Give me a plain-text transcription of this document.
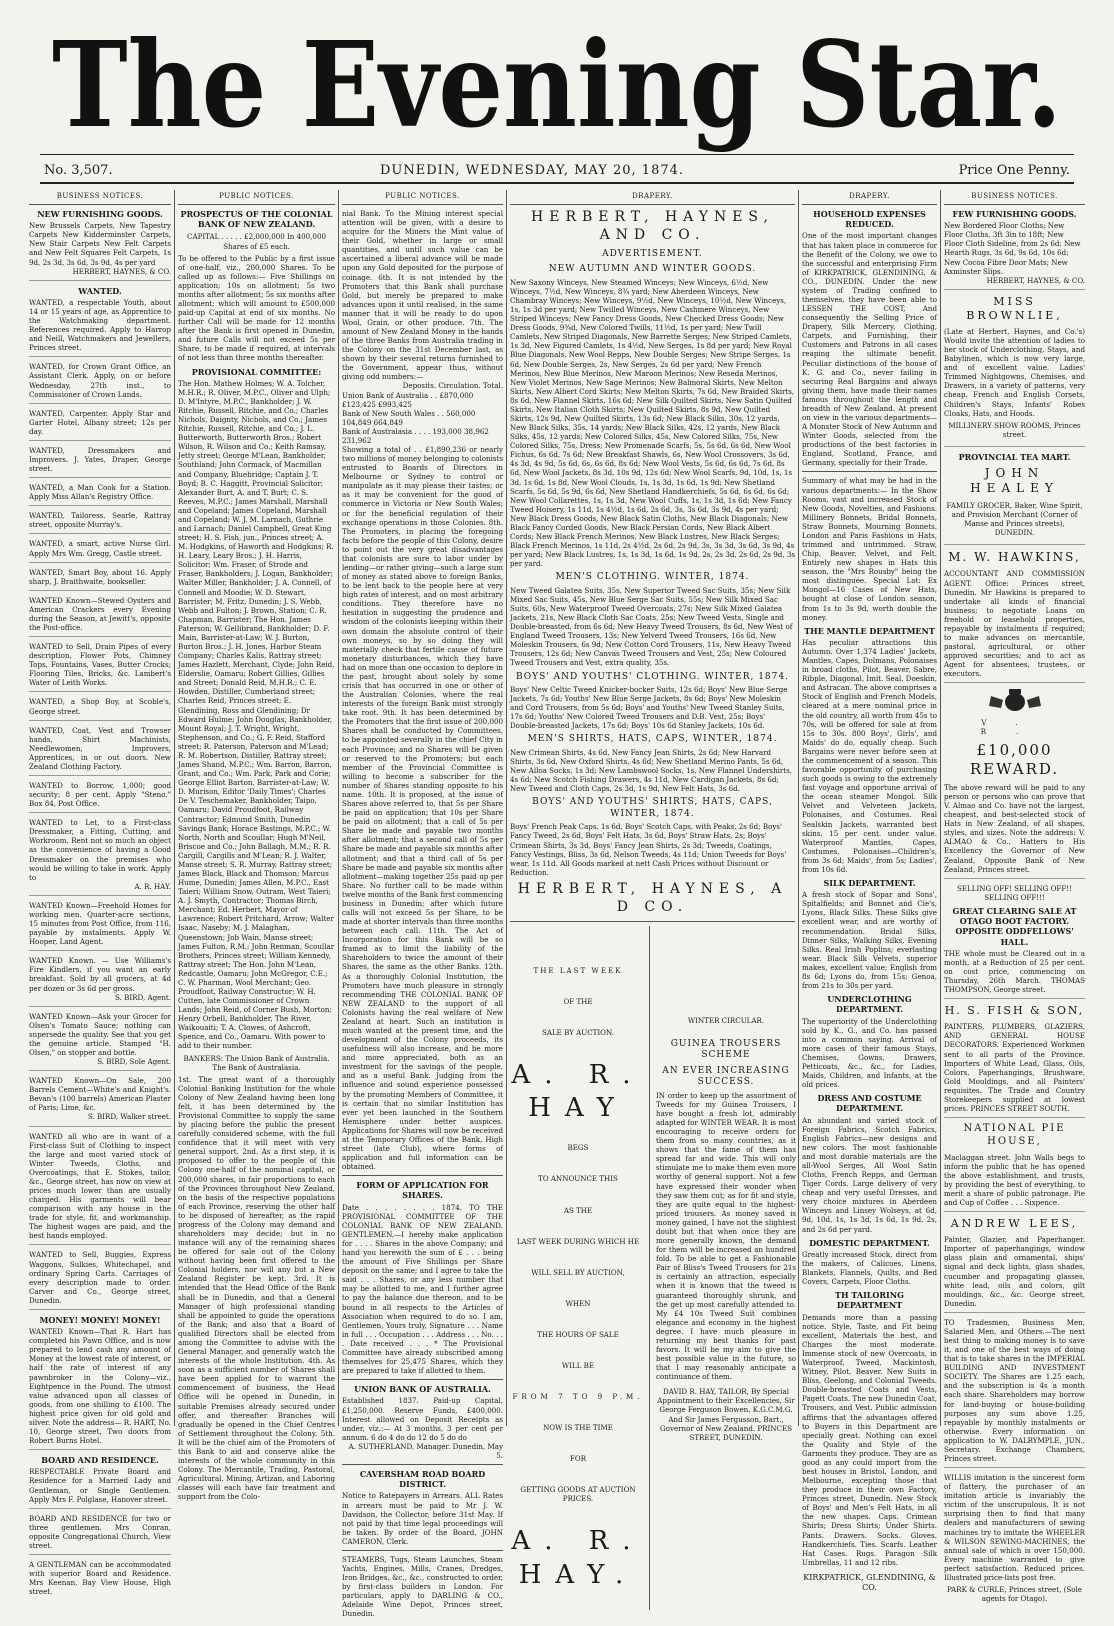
The Evening Star.
No. 3,507.	DUNEDIN, WEDNESDAY, MAY 20, 1874.	Price One Penny.
BUSINESS NOTICES.
NEW FURNISHING GOODS.

New Brussels Carpets, New Tapestry Carpets New Kidderminster Carpets, New Stair Carpets New Felt Carpets and New Felt Squares Felt Carpets, 1s 9d, 2s 3d, 3s 6d, 3s 9d, 4s per yard

HERBERT, HAYNES, & CO.

WANTED.

WANTED, a respectable Youth, about 14 or 15 years of age, as Apprentice to the Watchmaking department. References required. Apply to Harrop and Neill, Watchmakers and Jewellers, Princes street.

WANTED, for Crown Grant Office, an Assistant Clerk. Apply, on or before Wednesday, 27th inst., to Commissioner of Crown Lands.

WANTED, Carpenter. Apply Star and Garter Hotel, Albany street; 12s per day.

WANTED, Dressmakers and Improvers. J. Yates, Draper, George street.

WANTED, a Man Cook for a Station. Apply Miss Allan's Registry Office.

WANTED, Tailoress. Searle, Rattray street, opposite Murray's.

WANTED, a smart, active Nurse Girl. Apply Mrs Wm. Gregg, Castle street.

WANTED, Smart Boy, about 16. Apply sharp, J. Braithwaite, bookseller.

WANTED Known—Stewed Oysters and American Crackers every Evening during the Season, at Jewitt's, opposite the Post-office.

WANTED to Sell, Drain Pipes of every description, Flower Pots, Chimney Tops, Fountains, Vases, Butter Crocks; Flooring Tiles, Bricks, &c. Lambert's Water of Leith Works.

WANTED, a Shop Boy, at Scoble's, George street.

WANTED, Coat, Vest and Trowser hands, Shirt Machinists, Needlewomen, Improvers, Apprentices, in or out doors. New Zealand Clothing Factory.

WANTED to Borrow, 1,000; good security; 8 per cent. Apply "Steno," Box 84, Post Office.

WANTED to Let, to a First-class Dressmaker, a Fitting, Cutting, and Workroom. Rent not so much an object as the convenience of having a Good Dressmaker on the premises who would be willing to take in work. Apply to

A. R. HAY.

WANTED Known—Freehold Homes for working men. Quarter-acre sections, 15 minutes from Post Office, from 116, payable by instalments. Apply W. Hooper, Land Agent.

WANTED Known. — Use Williams's Fire Kindlers, if you want an early breakfast. Sold by all grocers, at 4d per dozen or 3s 6d per gross.

S. BIRD, Agent.

WANTED Known—Ask your Grocer for Olsen's Tomato Sauce; nothing can supersede the quality. See that you get the genuine article. Stamped "H. Olsen," on stopper and bottle.

S. BIRD, Sole Agent.

WANTED Known—On Sale, 200 Barrels Cement—White's and Knight's. Bevan's (100 barrels) American Plaster of Paris; Lime, &c.

S. BIRD, Walker street.

WANTED all who are in want of a First-class Suit of Clothing to inspect the large and most varied stock of Winter Tweeds, Cloths, and Overcoatings, that E. Stokes, tailor, &c., George street, has now on view at prices much lower than are usually charged. His garments will bear comparison with any house in the trade for style, fit, and workmanship. The highest wages are paid, and the best hands employed.

WANTED to Sell, Buggies, Express Waggons, Sulkies, Whitechapel, and ordinary Spring Carts. Carriages of every description made to order. Carver and Co., George street, Dunedin.

MONEY! MONEY! MONEY!

WANTED Known—That R. Hart has completed his Pawn Office, and is now prepared to lend cash any amount of Money at the lowest rate of interest, or half the rate of interest of any pawnbroker in the Colony—viz., Eightpence in the Pound. The utmost value advanced upon all classes of goods, from one shilling to £100. The highest price given for old gold and silver. Note the address— R. HART, No. 10, George street, Two doors from Robert Burns Hotel.

BOARD AND RESIDENCE.

RESPECTABLE Private Board and Residence for a Married Lady and Gentleman, or Single Gentlemen. Apply Mrs F. Polglase, Hanover street.

BOARD AND RESIDENCE for two or three gentlemen. Mrs Conran, opposite Congregational Church, View street.

A GENTLEMAN can be accommodated with superior Board and Residence. Mrs Keenan, Bay View House, High street.

PUBLIC NOTICES.
PROSPECTUS OF THE COLONIAL BANK OF NEW ZEALAND.

CAPITAL . . . . . £2,000,000 In 400,000 Shares of £5 each.

To be offered to the Public by a first issue of one-half, viz., 200,000 Shares. To be called up as follows:— Five Shillings on application; 10s on allotment; 5s two months after allotment; 5s six months after allotment; which will amount to £500,000 paid-up Capital at end of six months. No further Call will be made for 12 months after the Bank is first opened in Dunedin, and future Calls will not exceed 5s per Share, to be made if required, at intervals of not less than three months thereafter.

PROVISIONAL COMMITTEE:

The Hon. Mathew Holmes; W. A. Tolcher, M.H.R.; R. Oliver, M.P.C., Oliver and Ulph; D. M'Intyre, M.P.C., Bankholder; J. W. Ritchie, Russell, Ritchie, and Co.; Charles Nichols, Daignty, Nichols, and Co.; James Ritchie, Russell, Ritchie, and Co.; J. L. Butterworth, Butterworth Bros.; Robert Wilson, R. Wilson and Co.; Keith Ramsay, Jetty street; George M'Lean, Bankholder, Southland; John Cormack, of Macmillan and Company, Bluebridge; Captain J. T. Boyd; B. C. Haggitt, Provincial Solicitor; Alexander Burt, A. and T. Burt; C. S. Reeves, M.P.C.; James Marshall, Marshall and Copeland; James Copeland, Marshall and Copeland; W. J. M. Larnach, Guthrie and Larnach; Daniel Campbell, Great King street; H. S. Fish, jun., Princes street; A. M. Hodgkins, of Haworth and Hodgkins; R. H. Leary, Leary Bros.; J. H. Harris, Solicitor; Wm. Fraser, of Strode and Fraser, Bankholders; J. Logan, Bankholder; Walter Miller, Bankholder; J. A. Connell, of Connell and Moodie; W. D. Stewart, Barrister; M. Fritz, Dunedin; J. S. Webb, Webb and Fulton; J. Brown, Station; C. R. Chapman, Barrister; The Hon. James Paterson; W. Gellibrand, Bankholder; D. F. Main, Barrister-at-Law; W. J. Burton, Burton Bros.; J. H. Jones, Harbor Steam Company; Charles Kalis, Rattray street; James Hazlett, Merchant, Clyde; John Reid, Elderslie, Oamaru; Robert Gillies, Gillies and Street; Donald Reid, M.H.R.; C. E. Howden, Distiller, Cumberland street; Charles Reid, Princes street; E. Glendining, Ross and Glendining; Dr Edward Hulme; John Douglas, Bankholder, Mount Royal; J. T. Wright, Wright, Stephenson, and Co.; G. F. Reid, Stafford street; R. Paterson, Paterson and M'Lead; R. M. Robertson, Distiller, Rattray street; James Shand, M.P.C.; Wm. Barron, Barron, Grant, and Co.; Wm. Park, Park and Corie; George Elliot Barton, Barrister-at-Law; W. D. Murison, Editor 'Daily Times'; Charles De V. Teschemaker, Bankholder, Taipo, Oamaru; David Proudfoot, Railway Contractor; Edmund Smith, Dunedin Savings Bank; Horace Bastings, M.P.C.; W. North, North and Scoullar; Hugh M'Neil, Briscoe and Co.; John Ballagh, M.M.; R. R. Cargill, Cargills and M'Lean; R. J. Walter, Manse street; S. R. Murray, Rattray street; James Black, Black and Thomson; Marcus Hume, Dunedin; James Allen, M.P.C., East Taieri; William Snow, Outram, West Taieri; A. J. Smyth, Contractor; Thomas Birch, Merchant; Ed. Herbert, Mayor of Lawrence; Robert Pritchard, Arrow; Walter Isaac, Naseby; M. J. Malaghan, Queenstown; Job Wain, Manse street; James Fulton, R.M.; John Renman, Scoullar Brothers, Princes street; William Kennedy, Rattray street; The Hon. John M'Lean, Redcastle, Oamaru; John McGregor, C.E.; C. W. Pharman, Wool Merchant; Geo. Proudfoot, Railway Constructor; W. H. Cutten, late Commissioner of Crown Lands; John Reid, of Corner Bush, Morton; Henry Orbell, Bankholder, The River, Waikouaiti; T. A. Clowes, of Ashcroft, Spence, and Co., Oamaru. With power to add to their number.

BANKERS: The Union Bank of Australia. The Bank of Australasia.

1st. The great want of a thoroughly Colonial Banking Institution for the whole Colony of New Zealand having been long felt, it has been determined by the Provisional Committee to supply the same by placing before the public the present carefully considered scheme, with the full confidence that it will meet with very general support. 2nd. As a first step, it is proposed to offer to the people of this Colony one-half of the nominal capital, or 200,000 shares, in fair proportions to each of the Provinces throughout New Zealand, on the basis of the respective populations of each Province, reserving the other half to be disposed of hereafter, as the rapid progress of the Colony may demand and shareholders may decide; but in no instance will any of the remaining shares be offered for sale out of the Colony without having been first offered to the Colonial holders, nor will any but a New Zealand Register be kept. 3rd. It is intended that the Head Office of the Bank shall be in Dunedin, and that a General Manager of high professional standing shall be appointed to guide the operations of the Bank; and also that a Board of qualified Directors shall be elected from among the Committee to advise with the General Manager, and generally watch the interests of the whole Institution. 4th. As soon as a sufficient number of Shares shall have been applied for to warrant the commencement of business, the Head Office will be opened in Dunedin, in suitable Premises already secured under offer, and thereafter Branches will gradually be opened in the Chief Centres of Settlement throughout the Colony. 5th. It will be the chief aim of the Promoters of this Bank to aid and conserve alike the interests of the whole community in this Colony. The Mercantile, Trading, Pastoral, Agricultural, Mining, Artizan, and Laboring classes will each have fair treatment and support from the Colo-

PUBLIC NOTICES.

nial Bank. To the Mining interest special attention will be given, with a desire to acquire for the Miners the Mint value of their Gold, whether in large or small quantities, and until such value can be ascertained a liberal advance will be made upon any Gold deposited for the purpose of coinage. 6th. It is not intended by the Promoters that this Bank shall purchase Gold, but merely be prepared to make advances upon it until realised, in the same manner that it will be ready to do upon Wool, Grain, or other produce. 7th. The amount of New Zealand Money in the hands of the three Banks from Australia trading in the Colony on the 31st December last, as shown by their several returns furnished to the Government, appear thus, without giving odd numbers:—

Deposits. Circulation. Total.

Union Bank of Australia . . £870,000 £123,425 £993,425

Bank of New South Wales . . 560,000 104,849 664,849

Bank of Australasia . . . . 193,000 38,962 231,962

Showing a total of . . £1,890,236 or nearly two millions of money belonging to colonists entrusted to Boards of Directors in Melbourne or Sydney to control or manipulate as it may please their tastes; or as it may be convenient for the good of commerce in Victoria or New South Wales; or for the beneficial regulation of their exchange operations in those Colonies. 8th. The Promoters, in placing the foregoing facts before the people of this Colony, desire to point out the very great disadvantages that colonists are sure to labor under by lending—or rather giving—such a large sum of money as stated above to foreign Banks, to be lent back to the people here at very high rates of interest, and on most arbitrary conditions. They therefore have no hesitation in suggesting the prudence and wisdom of the colonists keeping within their own domain the absolute control of their own moneys, so by so doing they will materially check that fertile cause of future monetary disturbances, which they have had on more than one occasion to deplore in the past, brought about solely by some crisis that has occurred in one or other of the Australian Colonies, where the real interests of the foreign Bank must strongly take root. 9th. It has been determined by the Promoters that the first issue of 200,000 Shares shall be conducted by Committees, to be appointed severally in the chief City in each Province; and no Shares will be given or reserved to the Promoters; but each member of the Provincial Committee is willing to become a subscriber for the number of Shares standing opposite to his name. 10th. It is proposed, at the issue of Shares above referred to, that 5s per Share be paid on application; that 10s per Share be paid on allotment; that a call of 5s per Share be made and payable two months after allotment; that a second call of 5s per Share be made and payable six months after allotment; and that a third call of 5s per Share be made and payable six months after allotment—making together 25s paid up per Share. No further call to be made within twelve months of the Bank first commencing business in Dunedin; after which future calls will not exceed 5s per Share, to be made at shorter intervals than three months between each call. 11th. The Act of Incorporation for this Bank will be so framed as to limit the liability of the Shareholders to twice the amount of their Shares, the same as the other Banks. 12th. As a thoroughly Colonial Institution, the Promoters have much pleasure in strongly recommending THE COLONIAL BANK OF NEW ZEALAND to the support of all Colonists having the real welfare of New Zealand at heart. Such an institution is much wanted at the present time, and the development of the Colony proceeds, its usefulness will also increase, and be more and more appreciated, both as an investment for the savings of the people, and as a useful Bank. Judging from the influence and sound experience possessed by the promoting Members of Committee, it is certain that no similar Institution has ever yet been launched in the Southern Hemisphere under better auspices. Applications for Shares will now be received at the Temporary Offices of the Bank, High street (late Club), where forms of application and full information can be obtained.

FORM OF APPLICATION FOR SHARES.

Date . . . . . . . . 1874. TO THE PROVISIONAL COMMITTEE OF THE COLONIAL BANK OF NEW ZEALAND. GENTLEMEN,—I hereby make application for . . . . Shares in the above Company; and hand you herewith the sum of £ . . . being the amount of Five Shillings per Share deposit on the same; and I agree to take the said . . . Shares, or any less number that may be allotted to me, and I further agree to pay the balance due thereon, and to be bound in all respects to the Articles of Association when required to do so. I am, Gentlemen, Yours truly, Signature . . . Name in full . . . Occupation . . . Address . . . No. . . . Date received . . . * The Provisional Committee have already subscribed among themselves for 25,475 Shares, which they are prepared to take if allotted to them.

UNION BANK OF AUSTRALIA.

Established 1837. Paid-up Capital, £1,250,000. Reserve Funds, £400,000. Interest allowed on Deposit Receipts as under, viz.:— At 3 months, 3 per cent per annum. 6 do 4 do do 12 do 5 do do

A. SUTHERLAND, Manager. Dunedin, May 5.

CAVERSHAM ROAD BOARD DISTRICT.

Notice to Ratepayers in Arrears. ALL Rates in arrears must be paid to Mr J. W. Davidson, the Collector, before 31st May. If not paid by that time legal proceedings will be taken. By order of the Board, JOHN CAMERON, Clerk.

STEAMERS, Tugs, Steam Launches, Steam Yachts, Engines, Mills, Cranes, Dredges, Iron Bridges, &c., &c., constructed to order, by first-class builders in London. For particulars, apply to DARLING & CO., Adelaide Wine Depot, Princes street, Dunedin.

DRAPERY.
HERBERT, HAYNES, AND CO.
ADVERTISEMENT.
NEW AUTUMN AND WINTER GOODS.

New Saxony Winceys, New Steamed Winceys; New Winceys, 6½d, New Winceys, 7½d, New Winceys, 8¾ yard; New Aberdeen Winceys, New Chambray Winceys; New Winceys, 9½d, New Winceys, 10½d, New Winceys, 1s, 1s 3d per yard; New Twilled Winceys, New Cashmere Winceys, New Striped Winceys; New Fancy Dress Goods, New Checked Dress Goods; New Dress Goods, 9¾d, New Colored Twills, 11½d, 1s per yard; New Twill Camlets, New Striped Diagonals, New Barrette Serges; New Striped Camlets, 1s 3d, New Figured Camlets, 1s 4½d, New Serges, 1s 8d per yard; New Royal Blue Diagonals, New Wool Repps, New Double Serges; New Stripe Serges, 1s 6d, New Double Serges, 2s, New Serges, 2s 6d per yard; New French Merinos, New Blue Merinos, New Maroon Merinos; New Reseda Merinos, New Violet Merinos, New Sage Merinos; New Balmoral Skirts, New Melton Skirts, New Albert Cord Skirts; New Melton Skirts, 7s 6d, New Braided Skirts, 8s 6d, New Flannel Skirts, 16s 6d; New Silk Quilted Skirts, New Satin Quilted Skirts, New Italian Cloth Skirts; New Quilted Skirts, 8s 9d, New Quilted Skirts, 12s 9d, New Quilted Skirts, 13s 6d; New Black Silks, 30s, 12 yards, New Black Silks, 35s, 14 yards; New Black Silks, 42s, 12 yards, New Black Silks, 45s, 12 yards; New Colored Silks, 45s, New Colored Silks, 75s, New Colored Silks, 75s, Dress; New Promenade Scarfs, 5s, 5s 6d, 6s 6d, New Wool Fichus, 6s 6d, 7s 6d; New Breakfast Shawls, 6s, New Wool Crossovers, 3s 6d, 4s 3d, 4s 9d, 5s 6d, 6s, 6s 6d, 8s 6d; New Wool Vests, 5s 6d, 6s 6d, 7s 6d, 8s 6d, New Wool Jackets, 8s 3d, 10s 9d, 12s 6d; New Wool Scarfs, 9d, 10d, 1s, 1s 3d, 1s 6d, 1s 8d, New Wool Clouds, 1s, 1s 3d, 1s 6d, 1s 9d; New Shetland Scarfs, 5s 6d, 5s 9d, 6s 6d, New Shetland Handkerchiefs, 5s 6d, 6s 6d, 6s 6d; New Wool Collarettes, 1s, 1s 3d, New Wool Cuffs, 1s, 1s 3d, 1s 6d; New Fancy Tweed Hoisery, 1s 11d, 1s 4½d, 1s 6d, 2s 6d, 3s, 3s 6d, 3s 9d, 4s per yard; New Black Dress Goods, New Black Satin Cloths, New Black Diagonals; New Black Fancy Corded Goods, New Black Persian Cords, New Black Albert Cords; New Black French Merinos, New Black Lustres, New Black Serges; Black French Merinos, 1s 11d, 2s 4½d, 2s 6d, 2s 9d, 3s, 3s 3d, 3s 6d, 3s 9d, 4s per yard; New Black Lustres, 1s, 1s 3d, 1s 6d, 1s 9d, 2s, 2s 3d, 2s 6d, 2s 9d, 3s per yard.

MEN'S CLOTHING. WINTER, 1874.

New Tweed Galatea Suits, 35s, New Superior Tweed Sac Suits, 35s; New Silk Mixed Sac Suits, 45s, New Blue Serge Sac Suits, 55s; New Silk Mixed Sac Suits, 60s, New Waterproof Tweed Overcoats, 27s; New Silk Mixed Galatea Jackets, 21s, New Black Cloth Sac Coats, 25s; New Tweed Vests, Single and Double-breasted, from 6s 6d; New Heavy Tweed Trousers, 8s 6d, New West of England Tweed Trousers, 13s; New Yelverd Tweed Trousers, 16s 6d, New Moleskin Trousers, 6s 9d; New Cotton Cord Trousers, 11s, New Heavy Tweed Trousers, 12s 6d; New Canvas Tweed Trousers and Vest, 25s; New Coloured Tweed Trousers and Vest, extra quality, 35s.

BOYS' AND YOUTHS' CLOTHING. WINTER, 1874.

Boys' New Celtic Tweed Knicker-bocker Suits, 12s 6d; Boys' New Blue Serge Jackets, 7s 6d; Youths' New Blue Serge Jackets, 8s 6d; Boys' New Moleskin and Cord Trousers, from 5s 6d; Boys' and Youths' New Tweed Stanley Suits, 17s 6d; Youths' New Colored Tweed Trousers and D.B. Vest, 25s; Boys' Double-breasted Jackets, 17s 6d; Boys' 10s 6d Stanley Jackets, 10s 6d.

MEN'S SHIRTS, HATS, CAPS, WINTER, 1874.

New Crimean Shirts, 4s 6d, New Fancy Jean Shirts, 2s 6d; New Harvard Shirts, 3s 6d, New Oxford Shirts, 4s 6d; New Shetland Merino Pants, 5s 6d, New Alloa Socks, 1s 3d; New Lambswool Socks, 1s, New Flannel Undershirts, 4s 6d; New Scotch Fishing Drawers, 4s 11d, New Cardigan Jackets, 8s 6d; New Tweed and Cloth Caps, 2s 3d, 1s 9d, New Felt Hats, 3s 6d.

BOYS' AND YOUTHS' SHIRTS, HATS, CAPS, WINTER, 1874.

Boys' French Peak Caps, 1s 6d, Boys' Scotch Caps, with Peaks, 2s 6d; Boys' Fancy Tweed, 2s 6d, Boys' Felt Hats, 3s 6d, Boys' Straw Hats, 2s; Boys' Crimean Shirts, 3s 3d, Boys' Fancy Jean Shirts, 2s 3d; Tweeds, Coatings, Fancy Vestings, Bliss, 3s 6d, Nelson Tweeds, 4s 11d; Union Tweeds for Boys' wear, 1s 11d. All Goods marked at nett Cash Prices without Discount or Reduction.

HERBERT, HAYNES, A D CO.

THE LAST WEEK

OF THE

SALE BY AUCTION.

A. R. HAY

BEGS

TO ANNOUNCE THIS

AS THE

LAST WEEK DURING WHICH HE

WILL SELL BY AUCTION,

WHEN

THE HOURS OF SALE

WILL BE

FROM 7 TO 9 P.M.

NOW IS THE TIME

FOR

GETTING GOODS AT AUCTION PRICES.

A. R. HAY.

WINTER CIRCULAR.

GUINEA TROUSERS SCHEME
AN EVER INCREASING SUCCESS.

IN order to keep up the assortment of Tweeds for my Guinea Trousers, I have bought a fresh lot, admirably adapted for WINTER WEAR. It is most encouraging to receive orders for them from so many countries, as it shows that the fame of them has spread far and wide. This will only stimulate me to make them even more worthy of general support. Not a few have expressed their wonder when they saw them cut; as for fit and style, they are quite equal to the highest-priced trousers. As money saved is money gained, I have not the slightest doubt but that when once they are more generally known, the demand for them will be increased an hundred fold. To be able to get a Fashionable Pair of Bliss's Tweed Trousers for 21s is certainly an attraction, especially when it is known that the tweed is guaranteed thoroughly shrunk, and the get up most carefully attended to. My £4 10s Tweed Suit combines elegance and economy in the highest degree. I have much pleasure in returning my best thanks for past favors. It will be my aim to give the best possible value in the future, so that I may reasonably anticipate a continuance of them.

DAVID R. HAY, TAILOR, By Special Appointment to their Excellencies, Sir George Ferguson Bowen, K.G.C.M.G. And Sir James Fergusson, Bart., Governor of New Zealand. PRINCES STREET, DUNEDIN.

DRAPERY.
HOUSEHOLD EXPENSES REDUCED.

One of the most important changes that has taken place in commerce for the Benefit of the Colony, we owe to the successful and enterprising Firm of KIRKPATRICK, GLENDINING, & CO., DUNEDIN. Under the new system of Trading confined to themselves, they have been able to LESSEN THE COST, And consequently the Selling Price of Drapery, Silk Mercery, Clothing, Carpets, and Furnishing, their Customers and Patrons in all cases reaping the ultimate benefit. Peculiar distinctions of the house of K. G. and Co., never failing in securing Real Bargains and always giving them, have made their names famous throughout the length and breadth of New Zealand. At present on view in the various departments—A Monster Stock of New Autumn and Winter Goods, selected from the productions of the best factories in England, Scotland, France, and Germany, specially for their Trade.

Summary of what may be had in the various departments:— In the Show Rooms, vast and increased Stock of New Goods, Novelties, and Fashions. Millinery Bonnets, Bridal Bonnets, Straw Bonnets, Mourning Bonnets. London and Paris Fashions in Hats, trimmed and untrimmed. Straw, Chip, Beaver, Velvet, and Felt. Entirely new shapes in Hats this season, the "Mrs Rousby" being the most distinguée. Special Lot: Ex Mongol—16 Cases of New Hats, bought at close of London season, from 1s to 3s 9d, worth double the money.

THE MANTLE DEPARTMENT

Has peculiar attractions this Autumn. Over 1,374 Ladies' Jackets, Mantles, Capes, Dolmans, Polonaises in broad cloths, Pilot, Beaver, Sabre, Ribple, Diagonal, Imit. Seal, Doeskin, and Astracan. The above comprises a Stock of English and French Models, cleared at a mere nominal price in the old country, all worth from 45s to 70s, will be offered for sale at from 15s to 30s. 800 Boys', Girls', and Maids' do do, equally cheap. Such Bargains were never before seen at the commencement of a season. This favorable opportunity of purchasing such goods is owing to the extremely fast voyage and opportune arrival of the ocean steamer Mongol. Silk Velvet and Velveteen Jackets, Polonaises, and Costumes. Real Sealskin Jackets, warranted best skins, 15 per cent. under value. Waterproof Mantles, Capes, Costumes, Polonaises—Children's, from 3s 6d; Maids', from 5s; Ladies', from 10s 6d.

SILK DEPARTMENT.

A fresh stock of Sopar and Sons', Spitalfields; and Bonnet and Cie's, Lyons, Black Silks. These Silks give excellent wear, and are worthy of recommendation. Bridal Silks, Dinner Silks, Walking Silks, Evening Silks. Real Irish Poplins; everlasting wear. Black Silk Velvets, superior makes, excellent value; English from 8s 6d; Lyons do, from 15s; Genoa, from 21s to 30s per yard.

UNDERCLOTHING DEPARTMENT.

The superiority of the Underclothing sold by K., G., and Co. has passed into a common saying. Arrival of more cases of their famous Stays, Chemises, Gowns, Drawers, Petticoats, &c., &c., for Ladies, Maids, Children, and Infants, at the old prices.

DRESS AND COSTUME DEPARTMENT.

An abundant and varied stock of Foreign Fabrics, Scotch Fabrics, English Fabrics—new designs and new colors. The most fashionable and most durable materials are the all-Wool Serges, All Wool Satin Cloths, French Repps, and German Tiger Cords. Large delivery of very cheap and very useful Dresses, and very choice mixtures in Aberdeen Winceys and Linsey Wolseys, at 6d, 9d, 10d, 1s, 1s 3d, 1s 6d, 1s 9d, 2s, and 2s 6d per yard.

DOMESTIC DEPARTMENT.

Greatly increased Stock, direct from the makers, of Calicoes, Linens, Blankets, Flannels, Quilts, and Bed Covers, Carpets, Floor Cloths.

TH TAILORING DEPARTMENT

Demands more than a passing notice. Style, Taste, and Fit being excellent, Materials the best, and Charges the most moderate. Immense stock of new Overcoats, in Waterproof, Tweed, Mackintosh, Witney, Pilot, Beaver. New Suits in Bliss, Geelong, and Colonial Tweeds. Double-breasted Coats and Vests, Pagett Coats. The new Dunedin Coat, Trousers, and Vest. Public admission affirms that the advantages offered to Buyers in this Department are specially great. Nothing can excel the Quality and Style of the Garments they produce. They are as good as any could import from the best houses in Bristol, London, and Melbourne, excepting those that they produce in their own Factory, Princes street, Dunedin. New Stock of Boys' and Men's Felt Hats, in all the new shapes. Caps. Crimean Shirts; Dress Shirts; Under Shirts. Pants. Drawers. Socks. Gloves. Handkerchiefs. Ties. Scarfs. Leather Hat Cases. Rugs. Paragon Silk Umbrellas, 11 and 12 ribs.

KIRKPATRICK, GLENDINING, & CO.

BUSINESS NOTICES.
FEW FURNISHING GOODS.

New Bordered Floor Cloths; New Floor Cloths, 3ft 3in to 18ft; New Floor Cloth Sideline, from 2s 6d; New Hearth Rugs, 3s 6d, 9s 6d, 10s 6d; New Cocoa Fibre Door Mats; New Axminster Slips.

HERBERT, HAYNES, & CO.

MISS BROWNLIE,

(Late at Herbert, Haynes, and Co.'s) Would invite the attention of ladies to her stock of Underclothing, Stays, and Babylinen, which is now very large, and of excellent value. Ladies' Trimmed Nightgowns, Chemises, and Drawers, in a variety of patterns, very cheap. French and English Corsets, Children's Stays, Infants' Robes Cloaks, Hats, and Hoods.

MILLINERY SHOW ROOMS, Princes street.

PROVINCIAL TEA MART.
JOHN HEALEY

FAMILY GROCER, Baker, Wine Spirit, and Provision Merchant (Corner of Manse and Princes streets), DUNEDIN.

M. W. HAWKINS,

ACCOUNTANT AND COMMISSION AGENT. Office: Princes street, Dunedin. Mr Hawkins is prepared to undertake all kinds of financial business; to negotiate Loans on freehold or leasehold properties, repayable by instalments if required; to make advances on mercantile, pastoral, agricultural, or other approved securities; and to act as Agent for absentees, trustees, or executors.

V. R.

£10,000 REWARD.

The above reward will be paid to any person or persons who can prove that V. Almao and Co. have not the largest, cheapest, and best-selected stock of Hats in New Zealand, of all shapes, styles, and sizes. Note the address: V. ALMAO & Co., Hatters to His Excellency the Governor of New Zealand, Opposite Bank of New Zealand, Princes street.

SELLING OFF! SELLING OFF!! SELLING OFF!!!

GREAT CLEARING SALE AT OTAGO BOOT FACTORY. OPPOSITE ODDFELLOWS' HALL.

THE whole must be Cleared out in a month, at a Reduction of 25 per cent. on cost price, commencing on Thursday, 26th March. THOMAS THOMPSON, George street.

H. S. FISH & SON,

PAINTERS, PLUMBERS, GLAZIERS, AND GENERAL HOUSE DECORATORS. Experienced Workmen sent to all parts of the Province. Importers of White Lead, Glass, Oils, Colors, Paperhangings, Brushware, Gold Mouldings, and all Painters' requisites. The Trade and Country Storekeepers supplied at lowest prices. PRINCES STREET SOUTH.

NATIONAL PIE HOUSE,

Maclaggan street. John Walls begs to inform the public that he has opened the above establishment, and trusts, by providing the best of everything, to merit a share of public patronage. Pie and Cup of Coffee . . . Sixpence.

ANDREW LEES,

Painter, Glazier, and Paperhanger. Importer of paperhangings, window glass plain and ornamental, ships' signal and deck lights, glass shades, cucumber and propagating glasses, white lead, oils and colors, gilt mouldings, &c., &c. George street, Dunedin.

TO Tradesmen, Business Men, Salaried Men, and Others.—The next best thing to making money is to save it, and one of the best ways of doing that is to take shares in the IMPERIAL BUILDING AND INVESTMENT SOCIETY. The Shares are 1.25 each, and the subscription is 4s a month each share. Shareholders may borrow for land-buying or house-building purposes any sum above 1.25, repayable by monthly instalments or otherwise. Every information on application to W. DALRYMPLE, JUN., Secretary. Exchange Chambers, Princes street.

WILLIS imitation is the sincerest form of flattery, the purchaser of an imitation article is invariably the victim of the unscrupulous. It is not surprising then to find that many dealers and manufacturers of sewing machines try to imitate the WHEELER & WILSON SEWING-MACHINES, the annual sale of which is over 150,000. Every machine warranted to give perfect satisfaction. Reduced prices. Illustrated price-lists post free.

PARK & CURLE, Princes street, (Sole agents for Otago).
